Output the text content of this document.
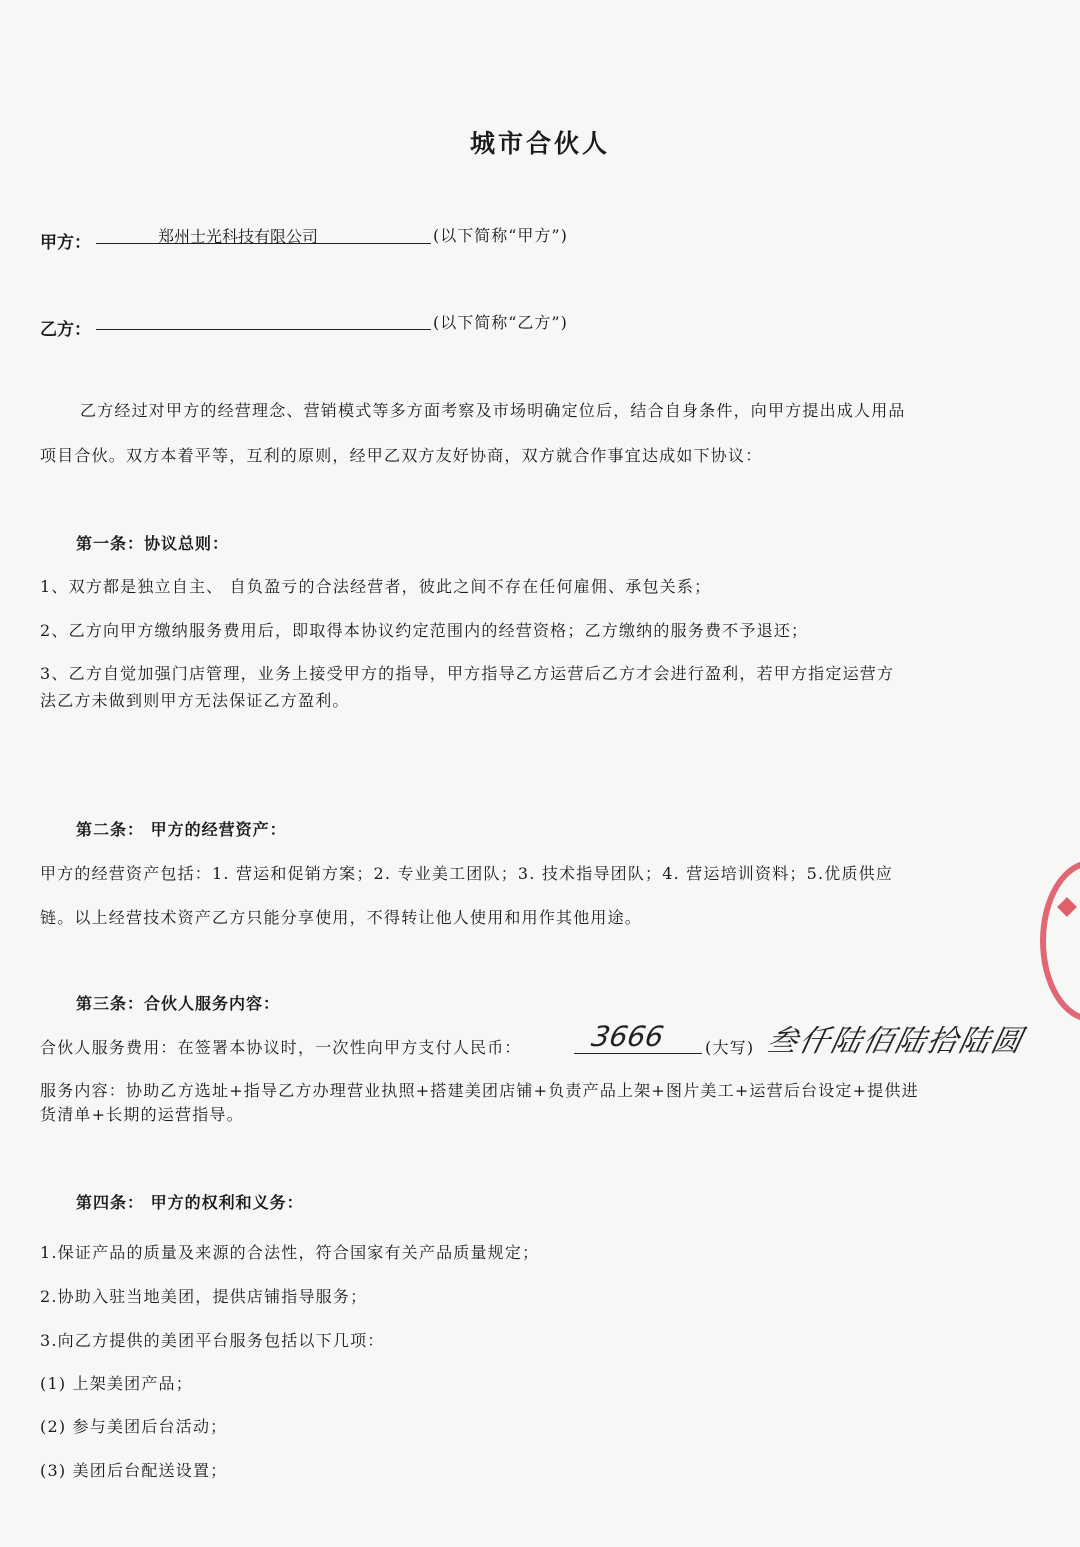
城市合伙人
甲方：	郑州士光科技有限公司	(以下简称“甲方”)
乙方：	(以下简称“乙方”)
乙方经过对甲方的经营理念、营销模式等多方面考察及市场明确定位后，结合自身条件，向甲方提出成人用品
项目合伙。双方本着平等，互利的原则，经甲乙双方友好协商，双方就合作事宜达成如下协议：
第一条：协议总则：
1、双方都是独立自主、 自负盈亏的合法经营者，彼此之间不存在任何雇佣、承包关系；
2、乙方向甲方缴纳服务费用后，即取得本协议约定范围内的经营资格；乙方缴纳的服务费不予退还；
3、乙方自觉加强门店管理，业务上接受甲方的指导，甲方指导乙方运营后乙方才会进行盈利，若甲方指定运营方
法乙方未做到则甲方无法保证乙方盈利。
第二条： 甲方的经营资产：
甲方的经营资产包括：1. 营运和促销方案；2. 专业美工团队；3. 技术指导团队；4. 营运培训资料；5.优质供应
链。以上经营技术资产乙方只能分享使用，不得转让他人使用和用作其他用途。
第三条：合伙人服务内容：
合伙人服务费用：在签署本协议时，一次性向甲方支付人民币： 3666 (大写) 叁仟陆佰陆拾陆圆
服务内容：协助乙方选址+指导乙方办理营业执照+搭建美团店铺+负责产品上架+图片美工+运营后台设定+提供进
货清单+长期的运营指导。
第四条： 甲方的权利和义务：
1.保证产品的质量及来源的合法性，符合国家有关产品质量规定；
2.协助入驻当地美团，提供店铺指导服务；
3.向乙方提供的美团平台服务包括以下几项：
(1) 上架美团产品；
(2) 参与美团后台活动；
(3) 美团后台配送设置；
